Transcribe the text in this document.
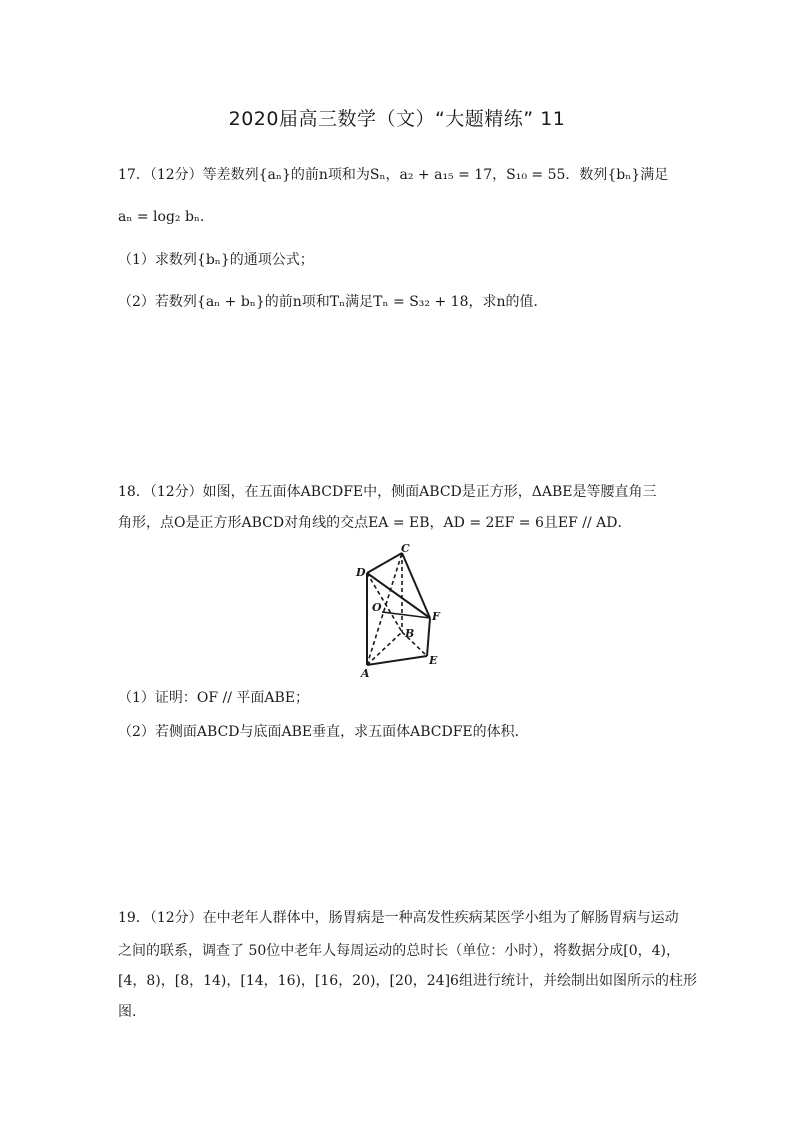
2020届高三数学（文）“大题精练” 11
17．（12分）等差数列{aₙ}的前n项和为Sₙ，a₂ + a₁₅ = 17，S₁₀ = 55．数列{bₙ}满足
aₙ = log₂ bₙ．
（1）求数列{bₙ}的通项公式；
（2）若数列{aₙ + bₙ}的前n项和Tₙ满足Tₙ = S₃₂ + 18，求n的值．
18．（12分）如图，在五面体ABCDFE中，侧面ABCD是正方形，ΔABE是等腰直角三
角形，点O是正方形ABCD对角线的交点EA = EB，AD = 2EF = 6且EF // AD．
C
D
O
F
B
E
A
（1）证明：OF // 平面ABE；
（2）若侧面ABCD与底面ABE垂直，求五面体ABCDFE的体积．
19．（12分）在中老年人群体中，肠胃病是一种高发性疾病某医学小组为了解肠胃病与运动
之间的联系，调查了 50位中老年人每周运动的总时长（单位：小时），将数据分成[0，4)，
[4，8)，[8，14)，[14，16)，[16，20)，[20，24]6组进行统计，并绘制出如图所示的柱形
图．
